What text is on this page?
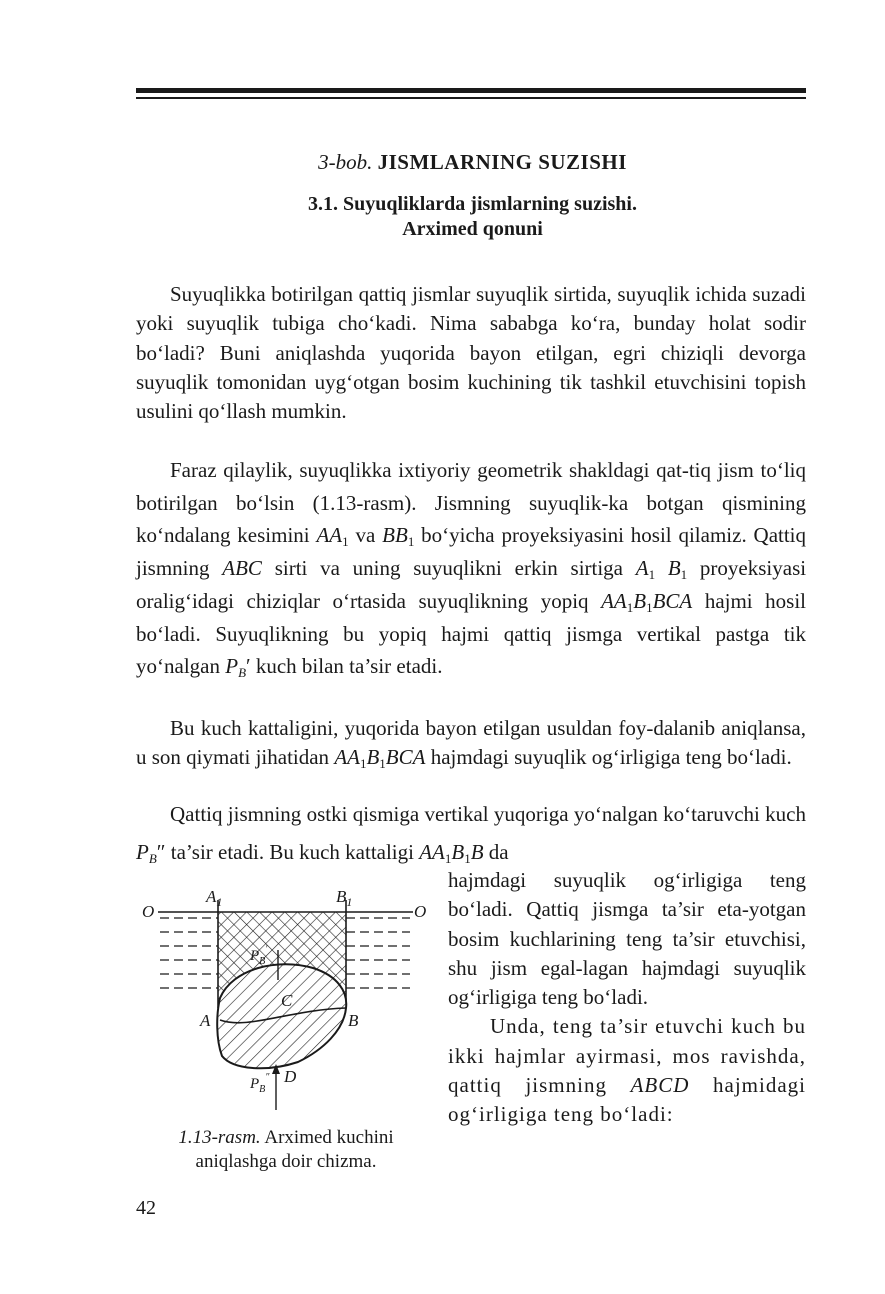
3-bob. JISMLARNING SUZISHI
3.1. Suyuqliklarda jismlarning suzishi.
Arximed qonuni
Suyuqlikka botirilgan qattiq jismlar suyuqlik sirtida, suyuqlik ichida suzadi yoki suyuqlik tubiga cho‘kadi. Nima sababga ko‘ra, bunday holat sodir bo‘ladi? Buni aniqlashda yuqorida bayon etilgan, egri chiziqli devorga suyuqlik tomonidan uyg‘otgan bosim kuchining tik tashkil etuvchisini topish usulini qo‘llash mumkin.
Faraz qilaylik, suyuqlikka ixtiyoriy geometrik shakldagi qat-tiq jism to‘liq botirilgan bo‘lsin (1.13-rasm). Jismning suyuqlik-ka botgan qismining ko‘ndalang kesimini $AA_1$ va $BB_1$ bo‘yicha proyeksiyasini hosil qilamiz. Qattiq jismning ABC sirti va uning suyuqlikni erkin sirtiga $A_1$ $B_1$ proyeksiyasi oralig‘idagi chiziqlar o‘rtasida suyuqlikning yopiq $AA_1B_1BCA$ hajmi hosil bo‘ladi. Suyuqlikning bu yopiq hajmi qattiq jismga vertikal pastga tik yo‘nalgan $P_B'$ kuch bilan ta’sir etadi.
Bu kuch kattaligini, yuqorida bayon etilgan usuldan foy-dalanib aniqlansa, u son qiymati jihatidan $AA_1B_1BCA$ hajmdagi suyuqlik og‘irligiga teng bo‘ladi.
Qattiq jismning ostki qismiga vertikal yuqoriga yo‘nalgan ko‘taruvchi kuch $P_B''$ ta’sir etadi. Bu kuch kattaligi $AA_1B_1B$ da
hajmdagi suyuqlik og‘irligiga teng bo‘ladi. Qattiq jismga ta’sir eta-yotgan bosim kuchlarining teng ta’sir etuvchisi, shu jism egal-lagan hajmdagi suyuqlik og‘irligiga teng bo‘ladi.
Unda, teng ta’sir etuvchi kuch bu ikki hajmlar ayirmasi, mos ravishda, qattiq jismning ABCD hajmidagi og‘irligiga teng bo‘ladi:
O	O
$A_1$	$B_1$
A	B
C
D
$P_B'$
$P_B''$
1.13-rasm. Arximed kuchini aniqlashga doir chizma.
42
